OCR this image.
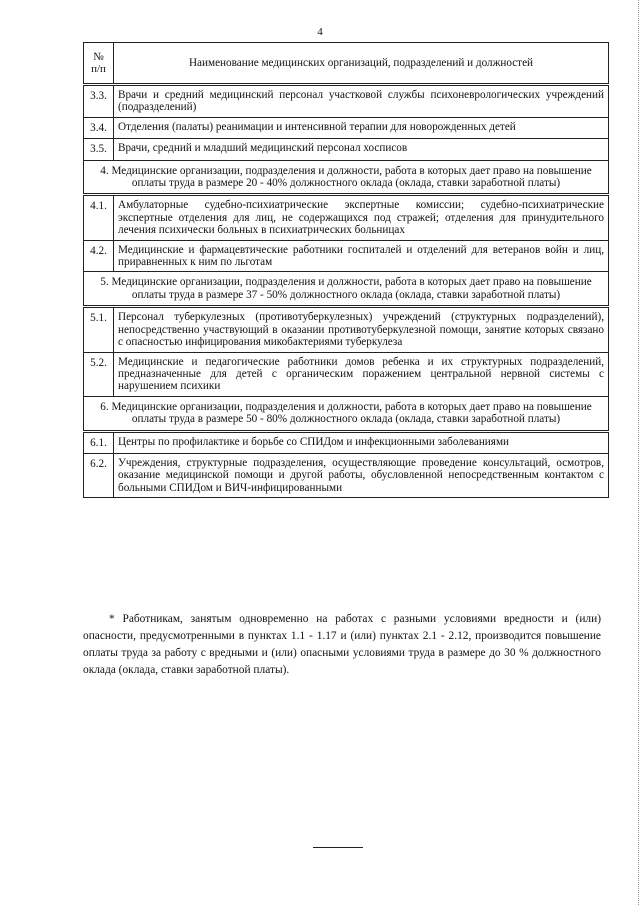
4
№ п/п	Наименование медицинских организаций, подразделений и должностей
3.3.	Врачи и средний медицинский персонал участковой службы психоневрологических учреждений (подразделений)
3.4.	Отделения (палаты) реанимации и интенсивной терапии для новорожденных детей
3.5.	Врачи, средний и младший медицинский персонал хосписов
4. Медицинские организации, подразделения и должности, работа в которых дает право на повышение оплаты труда в размере 20 - 40% должностного оклада (оклада, ставки заработной платы)	
4.1.	Амбулаторные судебно-психиатрические экспертные комиссии; судебно-психиатрические экспертные отделения для лиц, не содержащихся под стражей; отделения для принудительного лечения психически больных в психиатрических больницах
4.2.	Медицинские и фармацевтические работники госпиталей и отделений для ветеранов войн и лиц, приравненных к ним по льготам
5. Медицинские организации, подразделения и должности, работа в которых дает право на повышение оплаты труда в размере 37 - 50% должностного оклада (оклада, ставки заработной платы)	
5.1.	Персонал туберкулезных (противотуберкулезных) учреждений (структурных подразделений), непосредственно участвующий в оказании противотуберкулезной помощи, занятие которых связано с опасностью инфицирования микобактериями туберкулеза
5.2.	Медицинские и педагогические работники домов ребенка и их структурных подразделений, предназначенные для детей с органическим поражением центральной нервной системы с нарушением психики
6. Медицинские организации, подразделения и должности, работа в которых дает право на повышение оплаты труда в размере 50 - 80% должностного оклада (оклада, ставки заработной платы)	
6.1.	Центры по профилактике и борьбе со СПИДом и инфекционными заболеваниями
6.2.	Учреждения, структурные подразделения, осуществляющие проведение консультаций, осмотров, оказание медицинской помощи и другой работы, обусловленной непосредственным контактом с больными СПИДом и ВИЧ-инфицированными
* Работникам, занятым одновременно на работах с разными условиями вредности и (или) опасности, предусмотренными в пунктах 1.1 - 1.17 и (или) пунктах 2.1 - 2.12, производится повышение оплаты труда за работу с вредными и (или) опасными условиями труда в размере до 30 % должностного оклада (оклада, ставки заработной платы).
